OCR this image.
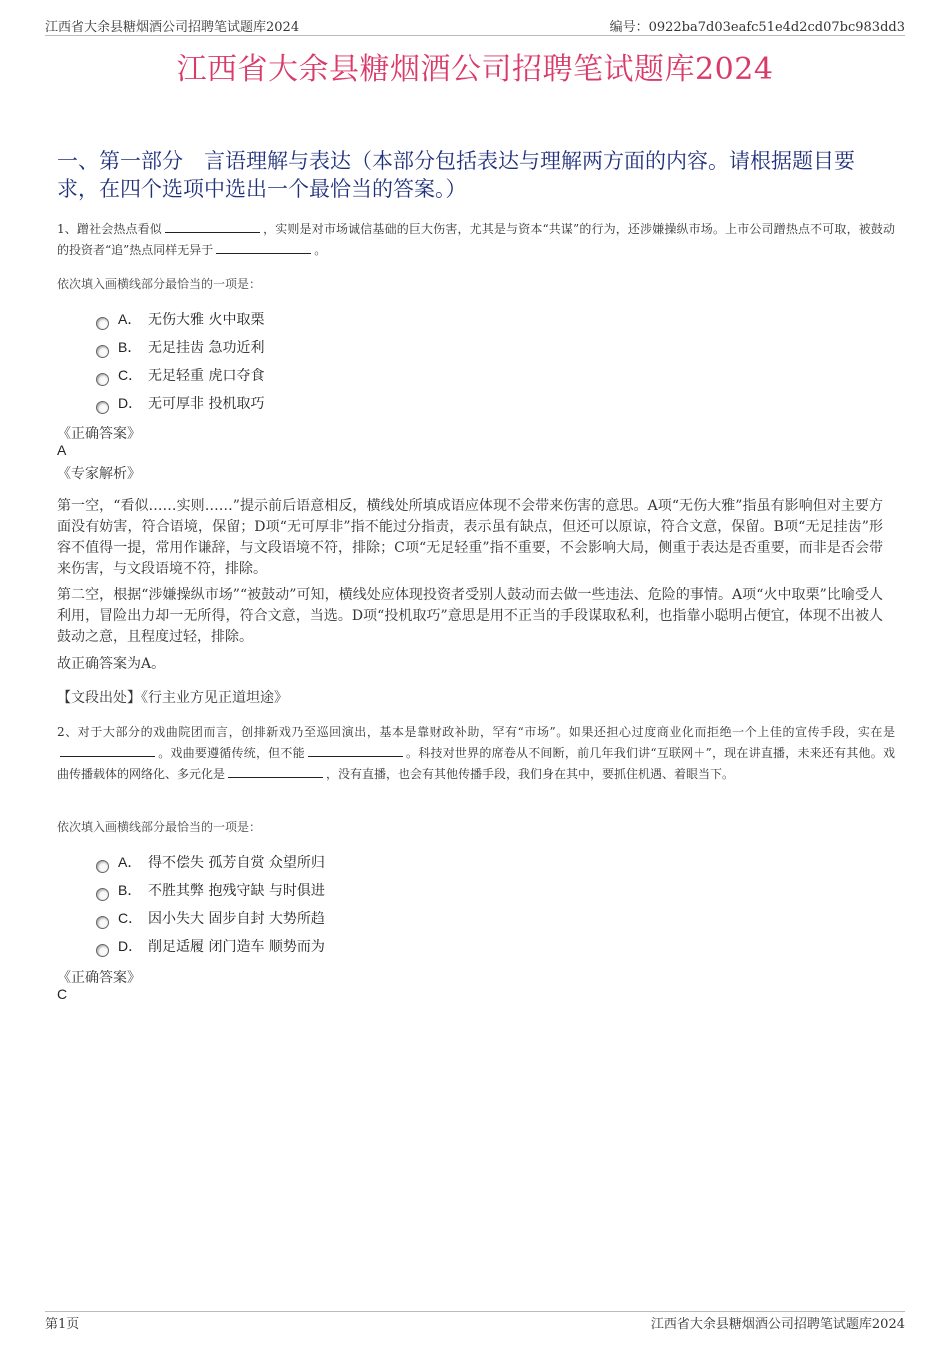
江西省大余县糖烟酒公司招聘笔试题库2024	编号：0922ba7d03eafc51e4d2cd07bc983dd3
江西省大余县糖烟酒公司招聘笔试题库2024
一、第一部分　言语理解与表达（本部分包括表达与理解两方面的内容。请根据题目要求，在四个选项中选出一个最恰当的答案。）
1、蹭社会热点看似	，实则是对市场诚信基础的巨大伤害，尤其是与资本“共谋”的行为，还涉嫌操纵市场。上市公司蹭热点不可取，被鼓动的投资者“追”热点同样无异于	。
依次填入画横线部分最恰当的一项是：
A． 无伤大雅 火中取栗
B． 无足挂齿 急功近利
C． 无足轻重 虎口夺食
D． 无可厚非 投机取巧
《正确答案》
A
《专家解析》
第一空，“看似……实则……”提示前后语意相反，横线处所填成语应体现不会带来伤害的意思。A项“无伤大雅”指虽有影响但对主要方面没有妨害，符合语境，保留；D项“无可厚非”指不能过分指责，表示虽有缺点，但还可以原谅，符合文意，保留。B项“无足挂齿”形容不值得一提，常用作谦辞，与文段语境不符，排除；C项“无足轻重”指不重要，不会影响大局，侧重于表达是否重要，而非是否会带来伤害，与文段语境不符，排除。
第二空，根据“涉嫌操纵市场”“被鼓动”可知，横线处应体现投资者受别人鼓动而去做一些违法、危险的事情。A项“火中取栗”比喻受人利用，冒险出力却一无所得，符合文意，当选。D项“投机取巧”意思是用不正当的手段谋取私利，也指靠小聪明占便宜，体现不出被人鼓动之意，且程度过轻，排除。
故正确答案为A。
【文段出处】《行主业方见正道坦途》
2、对于大部分的戏曲院团而言，创排新戏乃至巡回演出，基本是靠财政补助，罕有“市场”。如果还担心过度商业化而拒绝一个上佳的宣传手段，实在是。戏曲要遵循传统，但不能	。科技对世界的席卷从不间断，前几年我们讲“互联网＋”，现在讲直播，未来还有其他。戏曲传播载体的网络化、多元化是	，没有直播，也会有其他传播手段，我们身在其中，要抓住机遇、着眼当下。
依次填入画横线部分最恰当的一项是：
A． 得不偿失 孤芳自赏 众望所归
B． 不胜其弊 抱残守缺 与时俱进
C． 因小失大 固步自封 大势所趋
D． 削足适履 闭门造车 顺势而为
《正确答案》
C
第1页	江西省大余县糖烟酒公司招聘笔试题库2024
